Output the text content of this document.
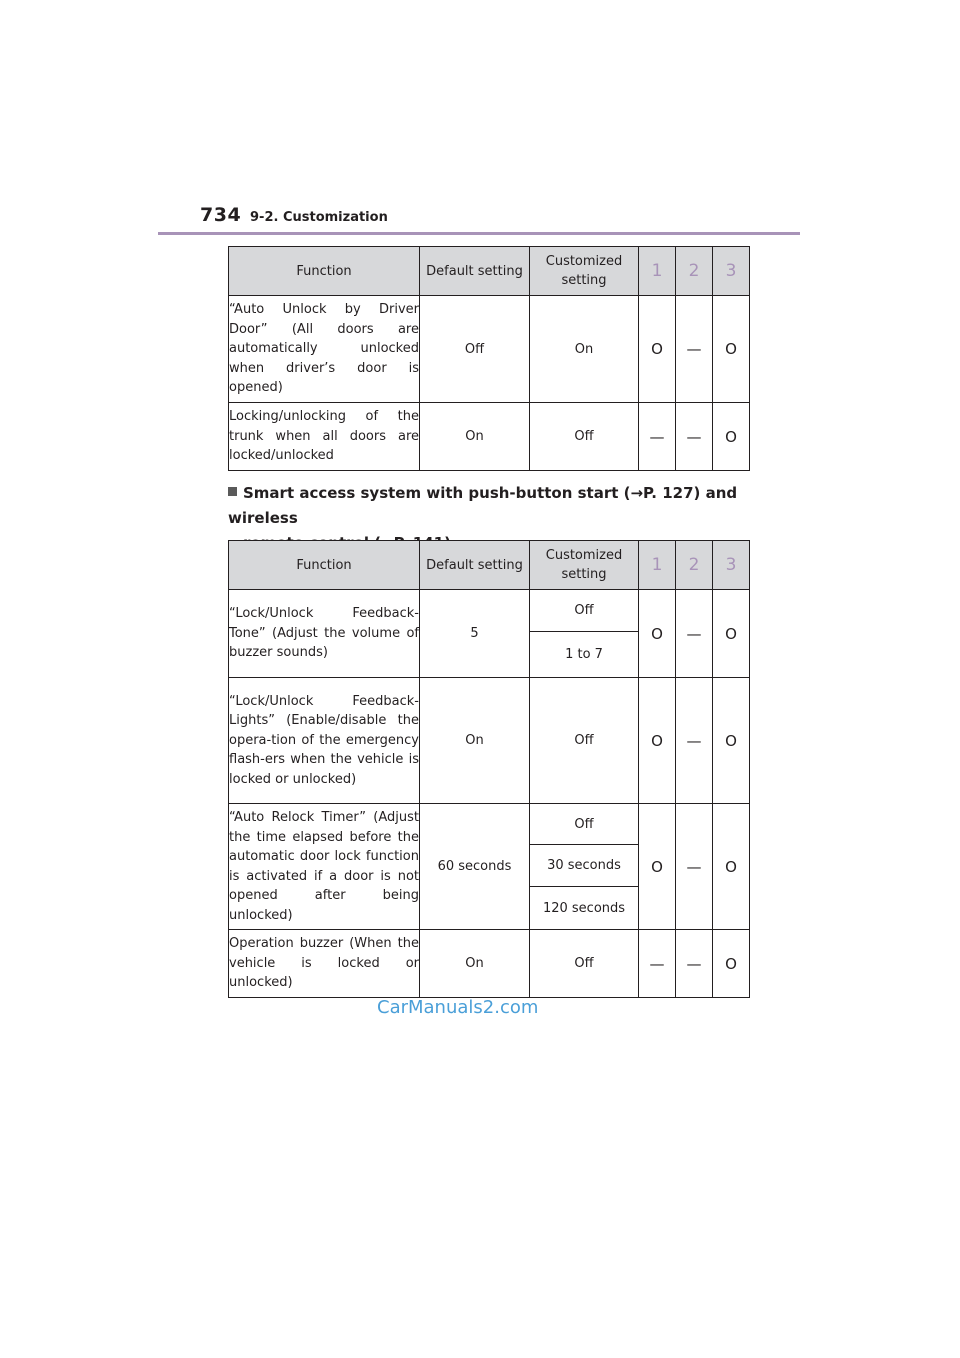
734 9-2. Customization
Function	Default setting	Customized setting	1	2	3
“Auto Unlock by Driver Door” (All doors are automatically unlocked when driver’s door is opened)	Off	On	O	—	O
Locking/unlocking of the trunk when all doors are locked/unlocked	On	Off	—	—	O
Smart access system with push-button start (→P. 127) and wireless
Function	Default setting	Customized setting	1	2	3
“Lock/Unlock Feedback-Tone” (Adjust the volume of buzzer sounds)	5	Off	O	—	O
		1 to 7			
“Lock/Unlock Feedback-Lights” (Enable/disable the opera-tion of the emergency flash-ers when the vehicle is locked or unlocked)	On	Off	O	—	O
“Auto Relock Timer” (Adjust the time elapsed before the automatic door lock function is activated if a door is not opened after being unlocked)	60 seconds	Off	O	—	O
		30 seconds			
		120 seconds			
Operation buzzer (When the vehicle is locked or unlocked)	On	Off	—	—	O
CarManuals2.com
